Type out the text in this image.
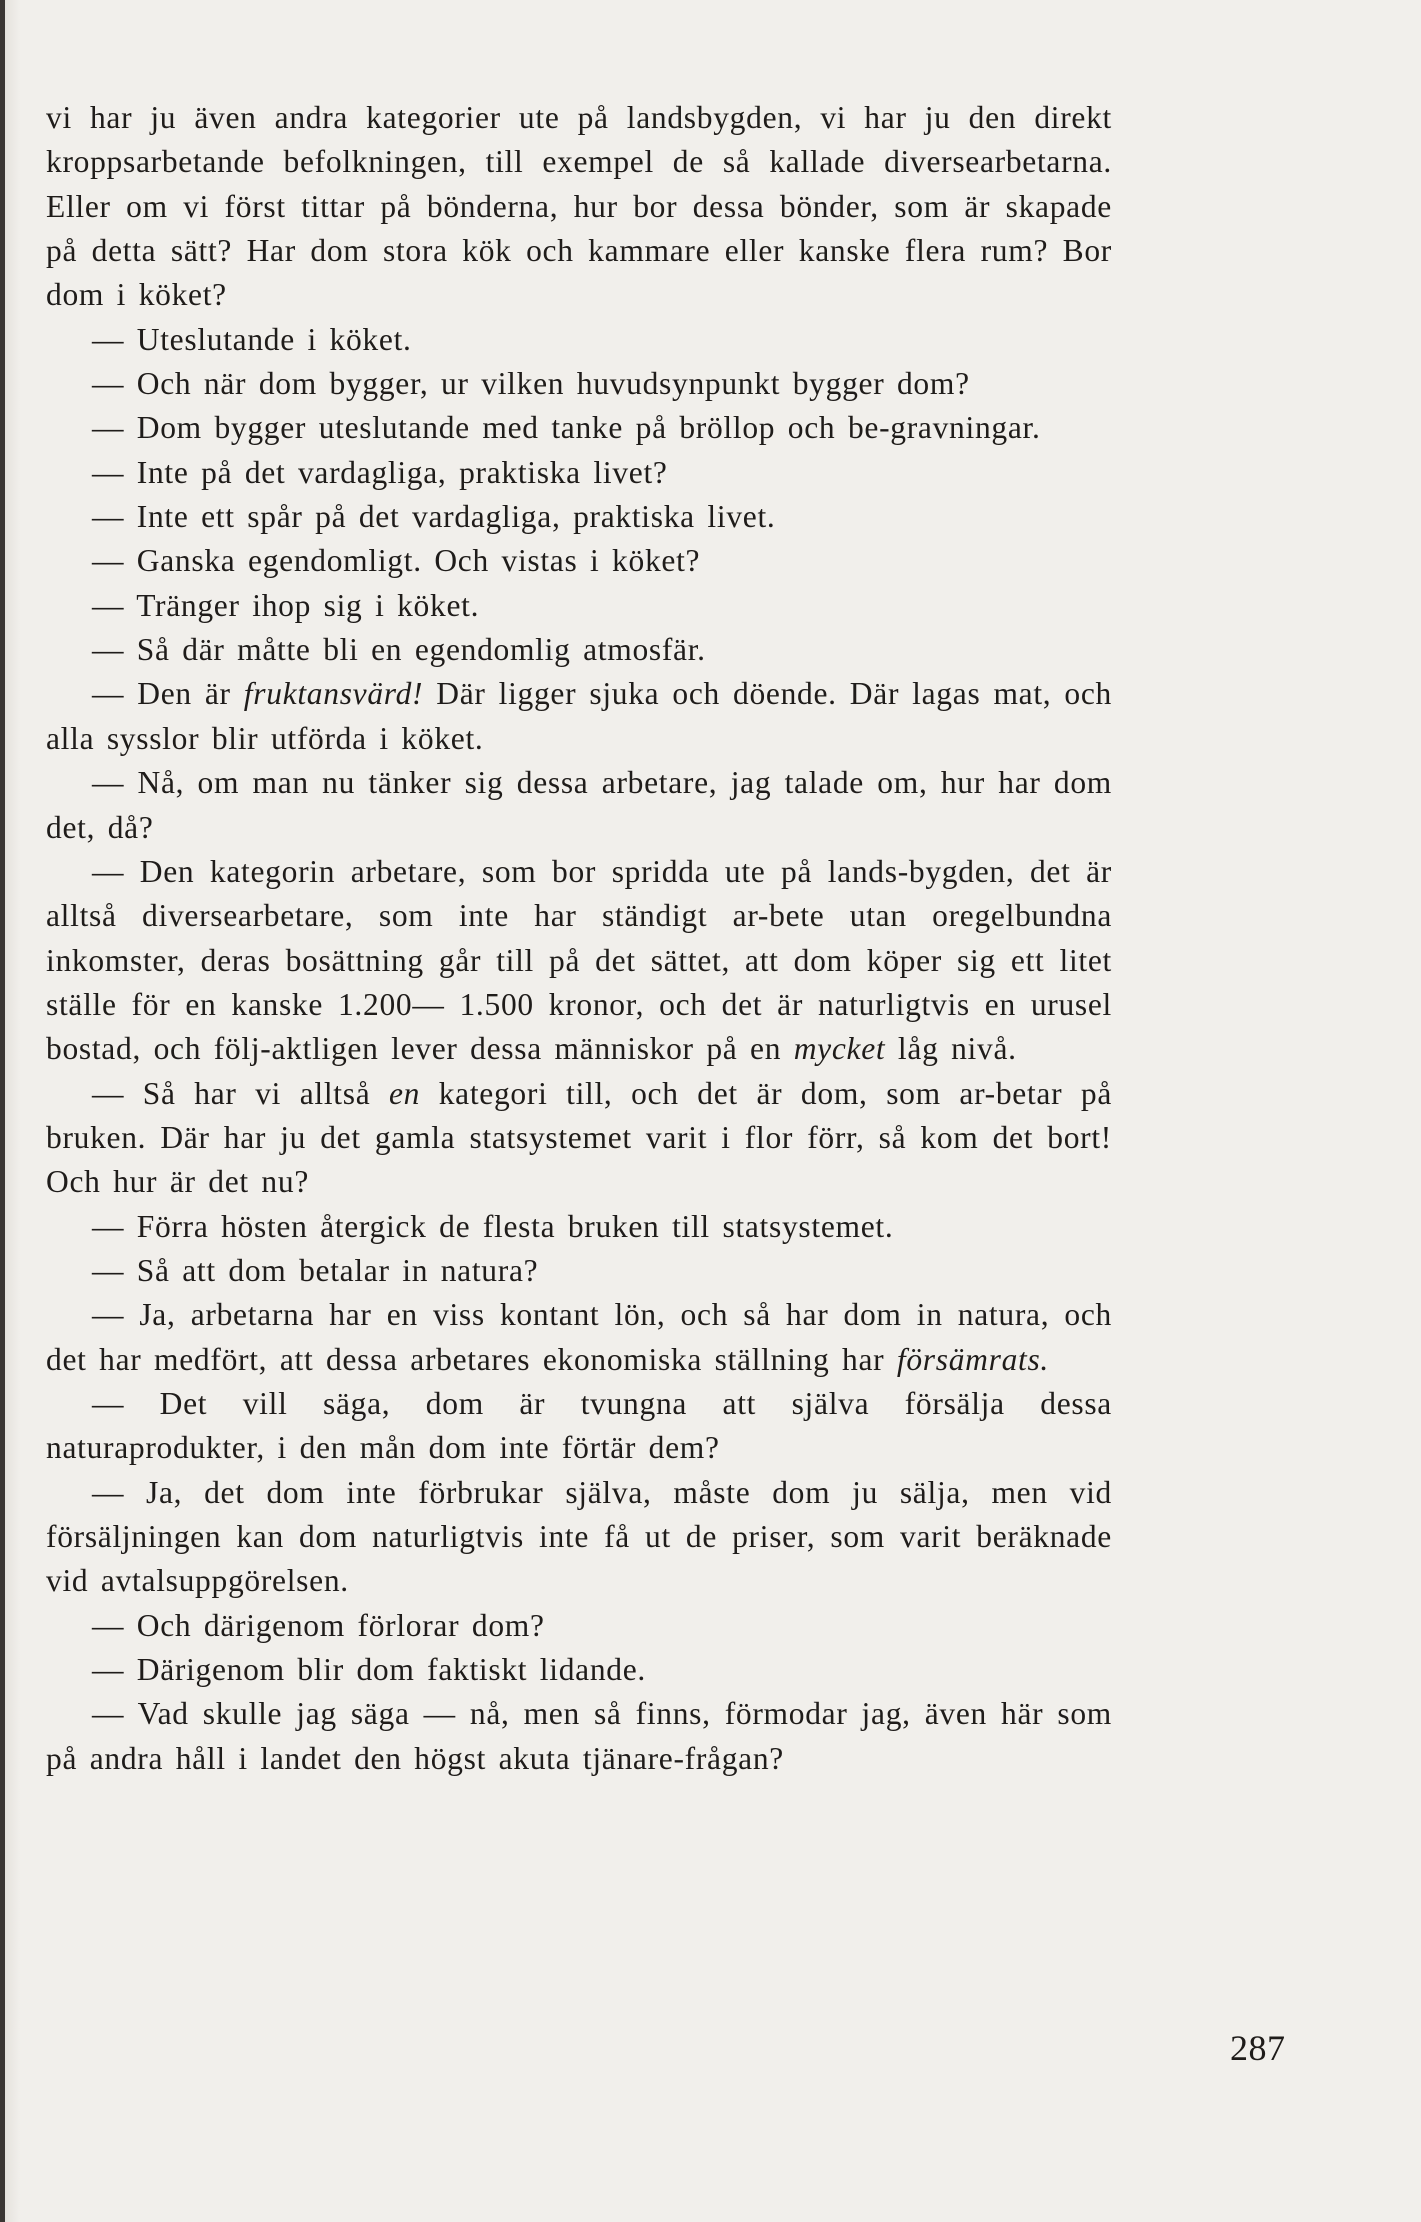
vi har ju även andra kategorier ute på landsbygden, vi har ju den direkt kroppsarbetande befolkningen, till exempel de så kallade diversearbetarna. Eller om vi först tittar på bönderna, hur bor dessa bönder, som är skapade på detta sätt? Har dom stora kök och kammare eller kanske flera rum? Bor dom i köket?

— Uteslutande i köket.

— Och när dom bygger, ur vilken huvudsynpunkt bygger dom?

— Dom bygger uteslutande med tanke på bröllop och be-gravningar.

— Inte på det vardagliga, praktiska livet?

— Inte ett spår på det vardagliga, praktiska livet.

— Ganska egendomligt. Och vistas i köket?

— Tränger ihop sig i köket.

— Så där måtte bli en egendomlig atmosfär.

— Den är fruktansvärd! Där ligger sjuka och döende. Där lagas mat, och alla sysslor blir utförda i köket.

— Nå, om man nu tänker sig dessa arbetare, jag talade om, hur har dom det, då?

— Den kategorin arbetare, som bor spridda ute på lands-bygden, det är alltså diversearbetare, som inte har ständigt ar-bete utan oregelbundna inkomster, deras bosättning går till på det sättet, att dom köper sig ett litet ställe för en kanske 1.200— 1.500 kronor, och det är naturligtvis en urusel bostad, och följ-aktligen lever dessa människor på en mycket låg nivå.

— Så har vi alltså en kategori till, och det är dom, som ar-betar på bruken. Där har ju det gamla statsystemet varit i flor förr, så kom det bort! Och hur är det nu?

— Förra hösten återgick de flesta bruken till statsystemet.

— Så att dom betalar in natura?

— Ja, arbetarna har en viss kontant lön, och så har dom in natura, och det har medfört, att dessa arbetares ekonomiska ställning har försämrats.

— Det vill säga, dom är tvungna att själva försälja dessa naturaprodukter, i den mån dom inte förtär dem?

— Ja, det dom inte förbrukar själva, måste dom ju sälja, men vid försäljningen kan dom naturligtvis inte få ut de priser, som varit beräknade vid avtalsuppgörelsen.

— Och därigenom förlorar dom?

— Därigenom blir dom faktiskt lidande.

— Vad skulle jag säga — nå, men så finns, förmodar jag, även här som på andra håll i landet den högst akuta tjänare-frågan?

287
